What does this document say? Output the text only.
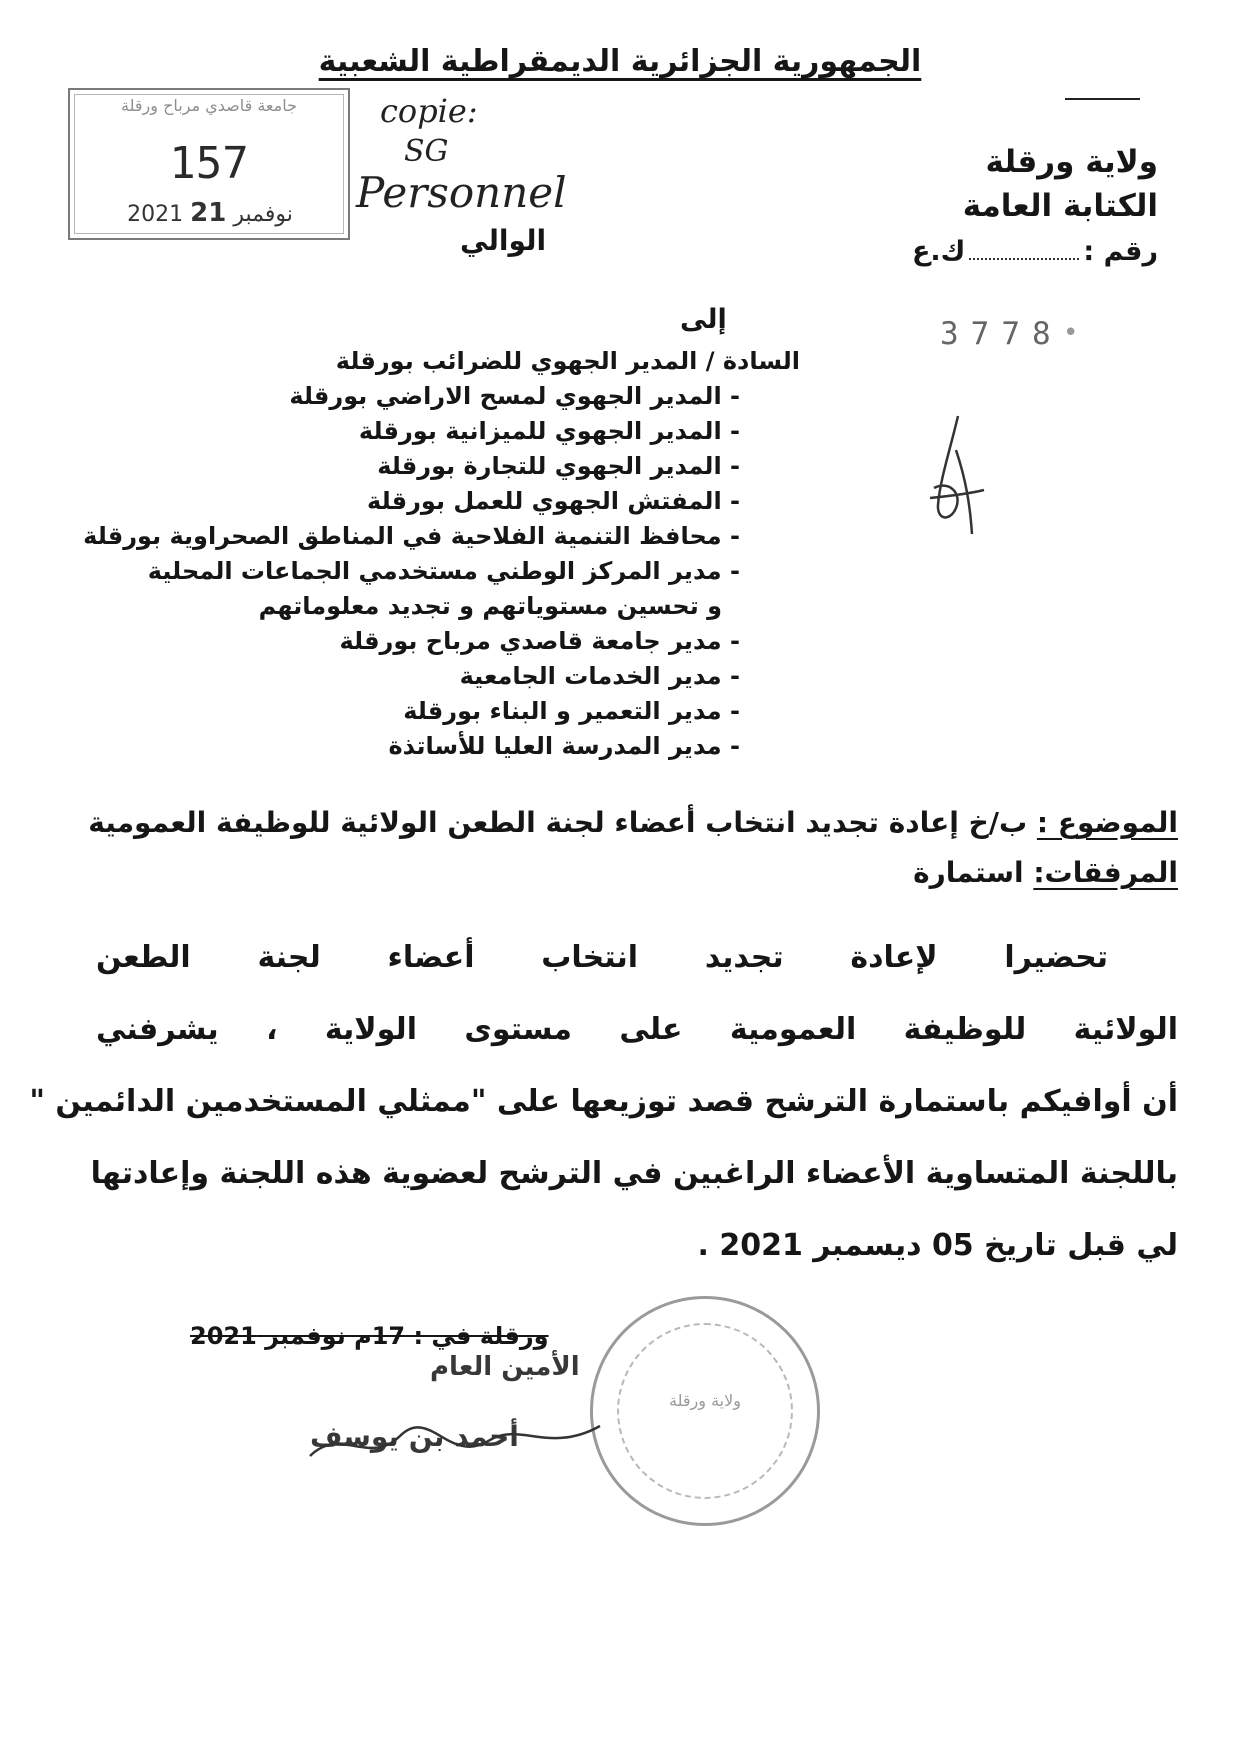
الجمهورية الجزائرية الديمقراطية الشعبية
ولاية ورقلة
الكتابة العامة
رقم :ك.ع
الوالي
جامعة قاصدي مرباح ورقلة
157
2021 نوفمبر 21
copie:
SG
Personnel
إلى	3778 •
السادة / المدير الجهوي للضرائب بورقلة
- المدير الجهوي لمسح الاراضي بورقلة
- المدير الجهوي للميزانية بورقلة
- المدير الجهوي للتجارة بورقلة
- المفتش الجهوي للعمل بورقلة
- محافظ التنمية الفلاحية في المناطق الصحراوية بورقلة
- مدير المركز الوطني مستخدمي الجماعات المحلية
و تحسين مستوياتهم و تجديد معلوماتهم
- مدير جامعة قاصدي مرباح بورقلة
- مدير الخدمات الجامعية
- مدير التعمير و البناء بورقلة
- مدير المدرسة العليا للأساتذة
الموضوع : ب/خ إعادة تجديد انتخاب أعضاء لجنة الطعن الولائية للوظيفة العمومية
المرفقات: استمارة
تحضيرا لإعادة تجديد انتخاب أعضاء لجنة الطعن
الولائية للوظيفة العمومية على مستوى الولاية ، يشرفني
أن أوافيكم باستمارة الترشح قصد توزيعها على "ممثلي المستخدمين الدائمين "
باللجنة المتساوية الأعضاء الراغبين في الترشح لعضوية هذه اللجنة وإعادتها
لي قبل تاريخ 05 ديسمبر 2021 .
ولاية ورقلة
ورقلة في : 17م نوفمبر 2021
الأمين العام
أحمد بن يوسف
